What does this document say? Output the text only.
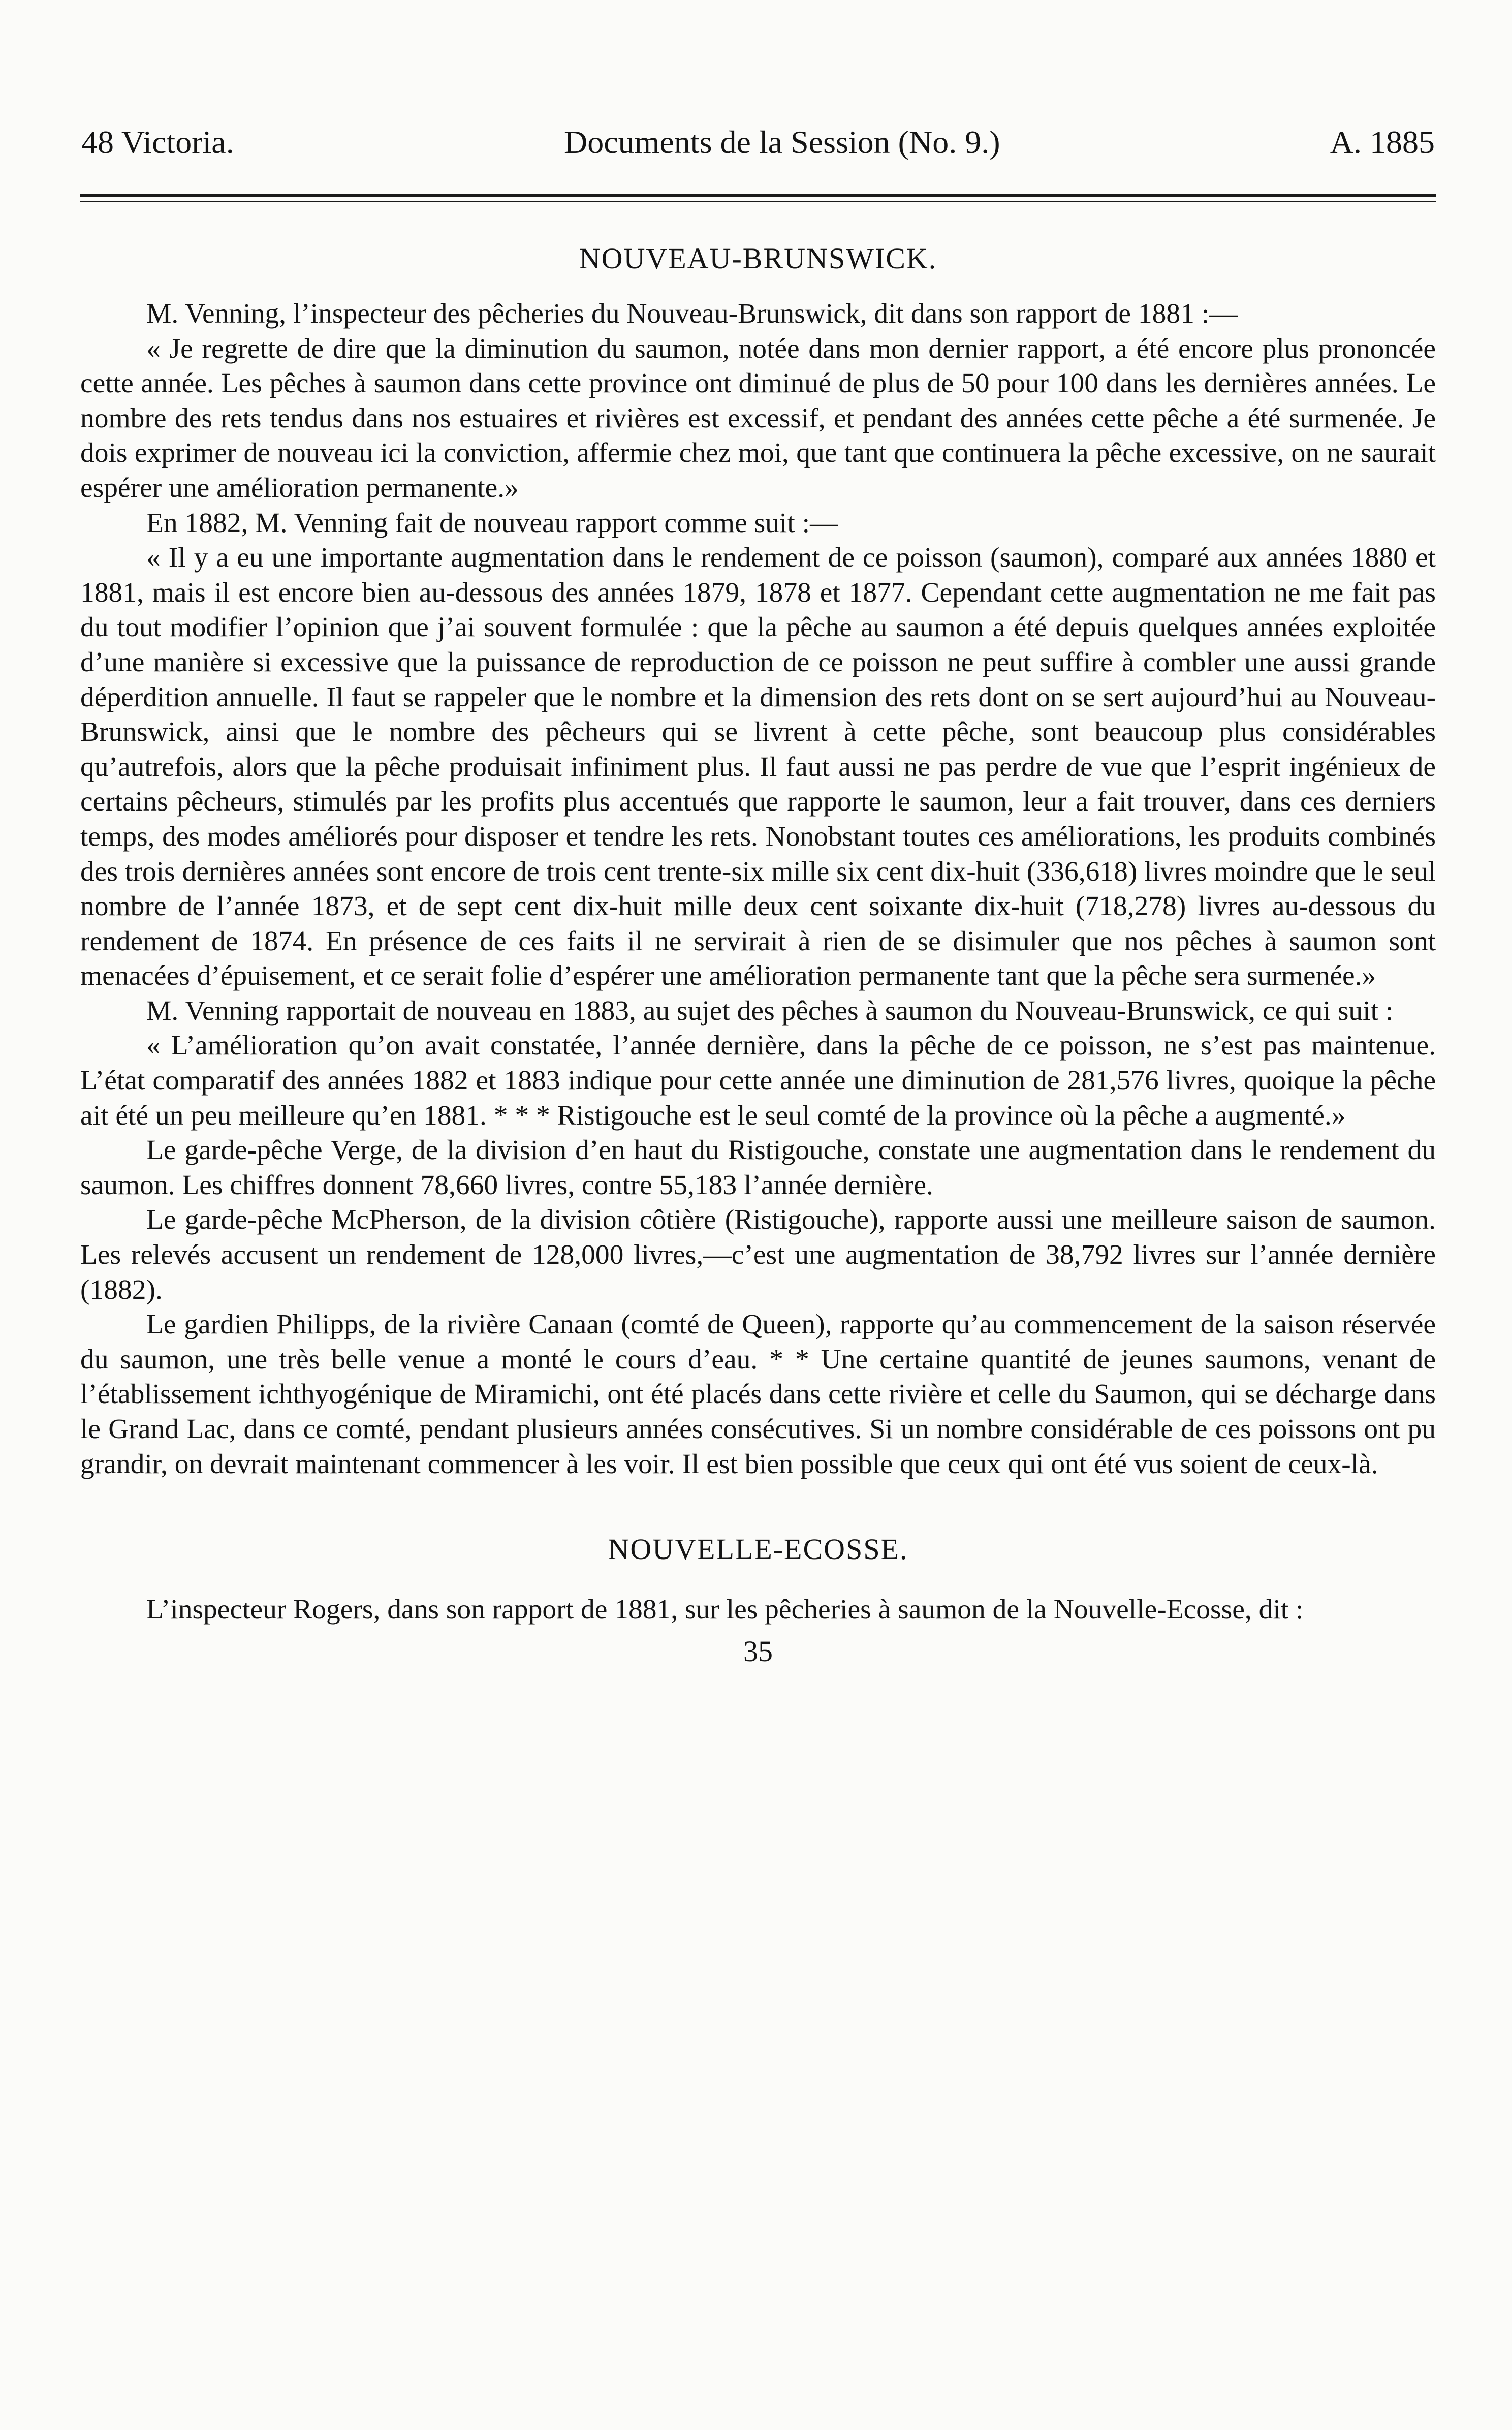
48 Victoria.	Documents de la Session (No. 9.)	A. 1885
NOUVEAU-BRUNSWICK.

M. Venning, l’inspecteur des pêcheries du Nouveau-Brunswick, dit dans son rapport de 1881 :—

« Je regrette de dire que la diminution du saumon, notée dans mon dernier rapport, a été encore plus prononcée cette année. Les pêches à saumon dans cette province ont diminué de plus de 50 pour 100 dans les dernières années. Le nombre des rets tendus dans nos estuaires et rivières est excessif, et pendant des années cette pêche a été surmenée. Je dois exprimer de nouveau ici la conviction, affermie chez moi, que tant que continuera la pêche excessive, on ne saurait espérer une amélioration permanente.»

En 1882, M. Venning fait de nouveau rapport comme suit :—

« Il y a eu une importante augmentation dans le rendement de ce poisson (saumon), comparé aux années 1880 et 1881, mais il est encore bien au-dessous des années 1879, 1878 et 1877. Cependant cette augmentation ne me fait pas du tout modifier l’opinion que j’ai souvent formulée : que la pêche au saumon a été depuis quelques années exploitée d’une manière si excessive que la puissance de reproduction de ce poisson ne peut suffire à combler une aussi grande déperdition annuelle. Il faut se rappeler que le nombre et la dimension des rets dont on se sert aujourd’hui au Nouveau-Brunswick, ainsi que le nombre des pêcheurs qui se livrent à cette pêche, sont beaucoup plus considérables qu’autrefois, alors que la pêche produisait infiniment plus. Il faut aussi ne pas perdre de vue que l’esprit ingénieux de certains pêcheurs, stimulés par les profits plus accentués que rapporte le saumon, leur a fait trouver, dans ces derniers temps, des modes améliorés pour disposer et tendre les rets. Nonobstant toutes ces améliorations, les produits combinés des trois dernières années sont encore de trois cent trente-six mille six cent dix-huit (336,618) livres moindre que le seul nombre de l’année 1873, et de sept cent dix-huit mille deux cent soixante dix-huit (718,278) livres au-dessous du rendement de 1874. En présence de ces faits il ne servirait à rien de se disimuler que nos pêches à saumon sont menacées d’épuisement, et ce serait folie d’espérer une amélioration permanente tant que la pêche sera surmenée.»

M. Venning rapportait de nouveau en 1883, au sujet des pêches à saumon du Nouveau-Brunswick, ce qui suit :

« L’amélioration qu’on avait constatée, l’année dernière, dans la pêche de ce poisson, ne s’est pas maintenue. L’état comparatif des années 1882 et 1883 indique pour cette année une diminution de 281,576 livres, quoique la pêche ait été un peu meilleure qu’en 1881. * * * Ristigouche est le seul comté de la province où la pêche a augmenté.»

Le garde-pêche Verge, de la division d’en haut du Ristigouche, constate une augmentation dans le rendement du saumon. Les chiffres donnent 78,660 livres, contre 55,183 l’année dernière.

Le garde-pêche McPherson, de la division côtière (Ristigouche), rapporte aussi une meilleure saison de saumon. Les relevés accusent un rendement de 128,000 livres,—c’est une augmentation de 38,792 livres sur l’année dernière (1882).

Le gardien Philipps, de la rivière Canaan (comté de Queen), rapporte qu’au commencement de la saison réservée du saumon, une très belle venue a monté le cours d’eau. * * Une certaine quantité de jeunes saumons, venant de l’établissement ichthyogénique de Miramichi, ont été placés dans cette rivière et celle du Saumon, qui se décharge dans le Grand Lac, dans ce comté, pendant plusieurs années consécutives. Si un nombre considérable de ces poissons ont pu grandir, on devrait maintenant commencer à les voir. Il est bien possible que ceux qui ont été vus soient de ceux-là.

NOUVELLE-ECOSSE.

L’inspecteur Rogers, dans son rapport de 1881, sur les pêcheries à saumon de la Nouvelle-Ecosse, dit :

35
